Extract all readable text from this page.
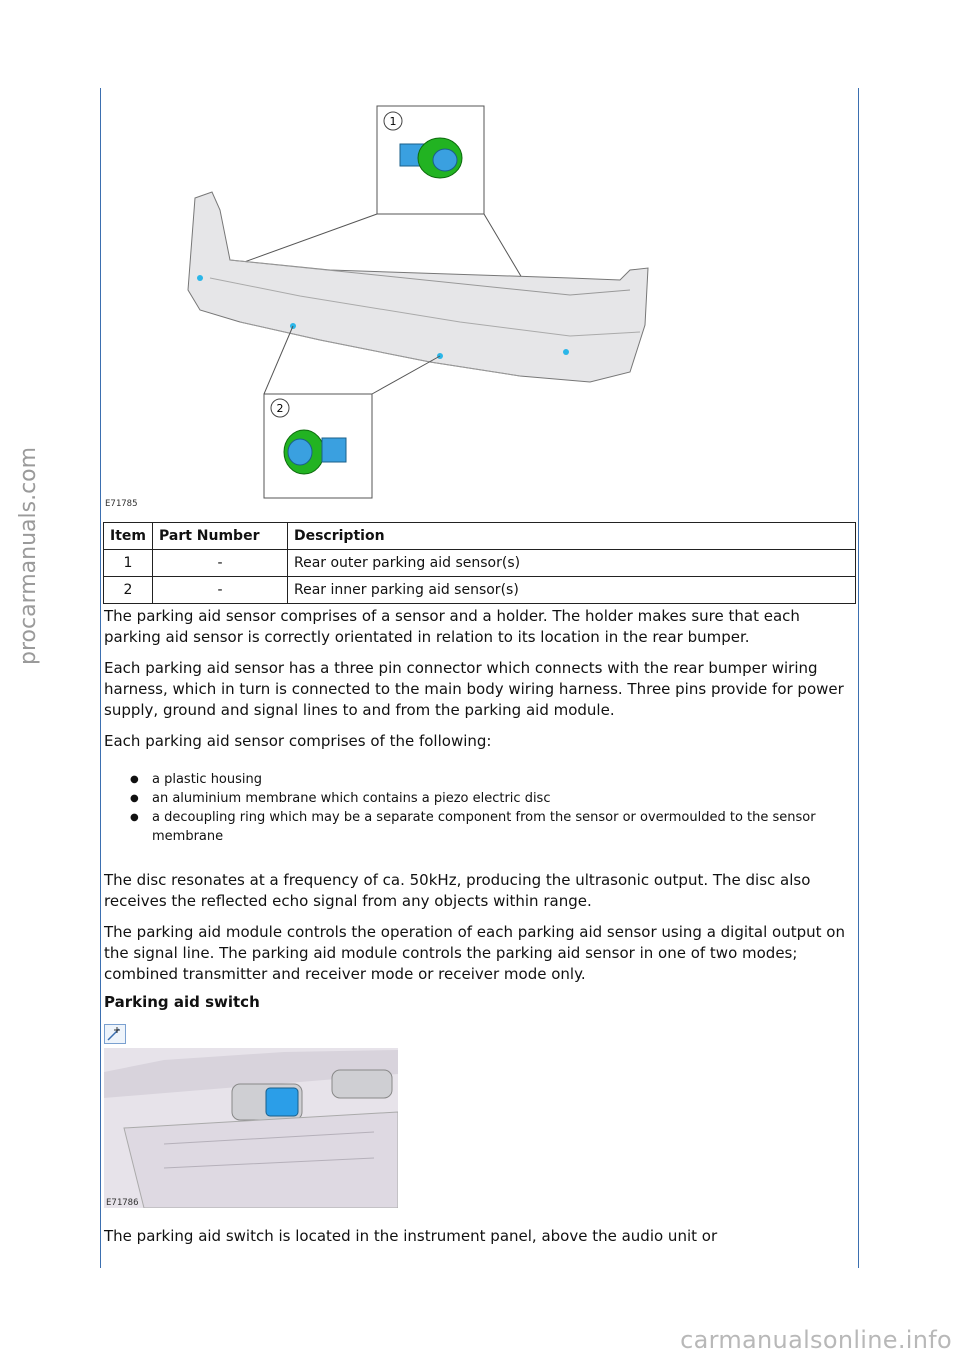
procarmanuals.com
1
2
E71785
Item	Part Number	Description
1	-	Rear outer parking aid sensor(s)
2	-	Rear inner parking aid sensor(s)

The parking aid sensor comprises of a sensor and a holder. The holder makes sure that each parking aid sensor is correctly orientated in relation to its location in the rear bumper.

Each parking aid sensor has a three pin connector which connects with the rear bumper wiring harness, which in turn is connected to the main body wiring harness. Three pins provide for power supply, ground and signal lines to and from the parking aid module.

Each parking aid sensor comprises of the following:

● a plastic housing
● an aluminium membrane which contains a piezo electric disc
● a decoupling ring which may be a separate component from the sensor or overmoulded to the sensor membrane

The disc resonates at a frequency of ca. 50kHz, producing the ultrasonic output. The disc also receives the reflected echo signal from any objects within range.

The parking aid module controls the operation of each parking aid sensor using a digital output on the signal line. The parking aid module controls the parking aid sensor in one of two modes; combined transmitter and receiver mode or receiver mode only.

Parking aid switch

E71786

The parking aid switch is located in the instrument panel, above the audio unit or

carmanualsonline.info
